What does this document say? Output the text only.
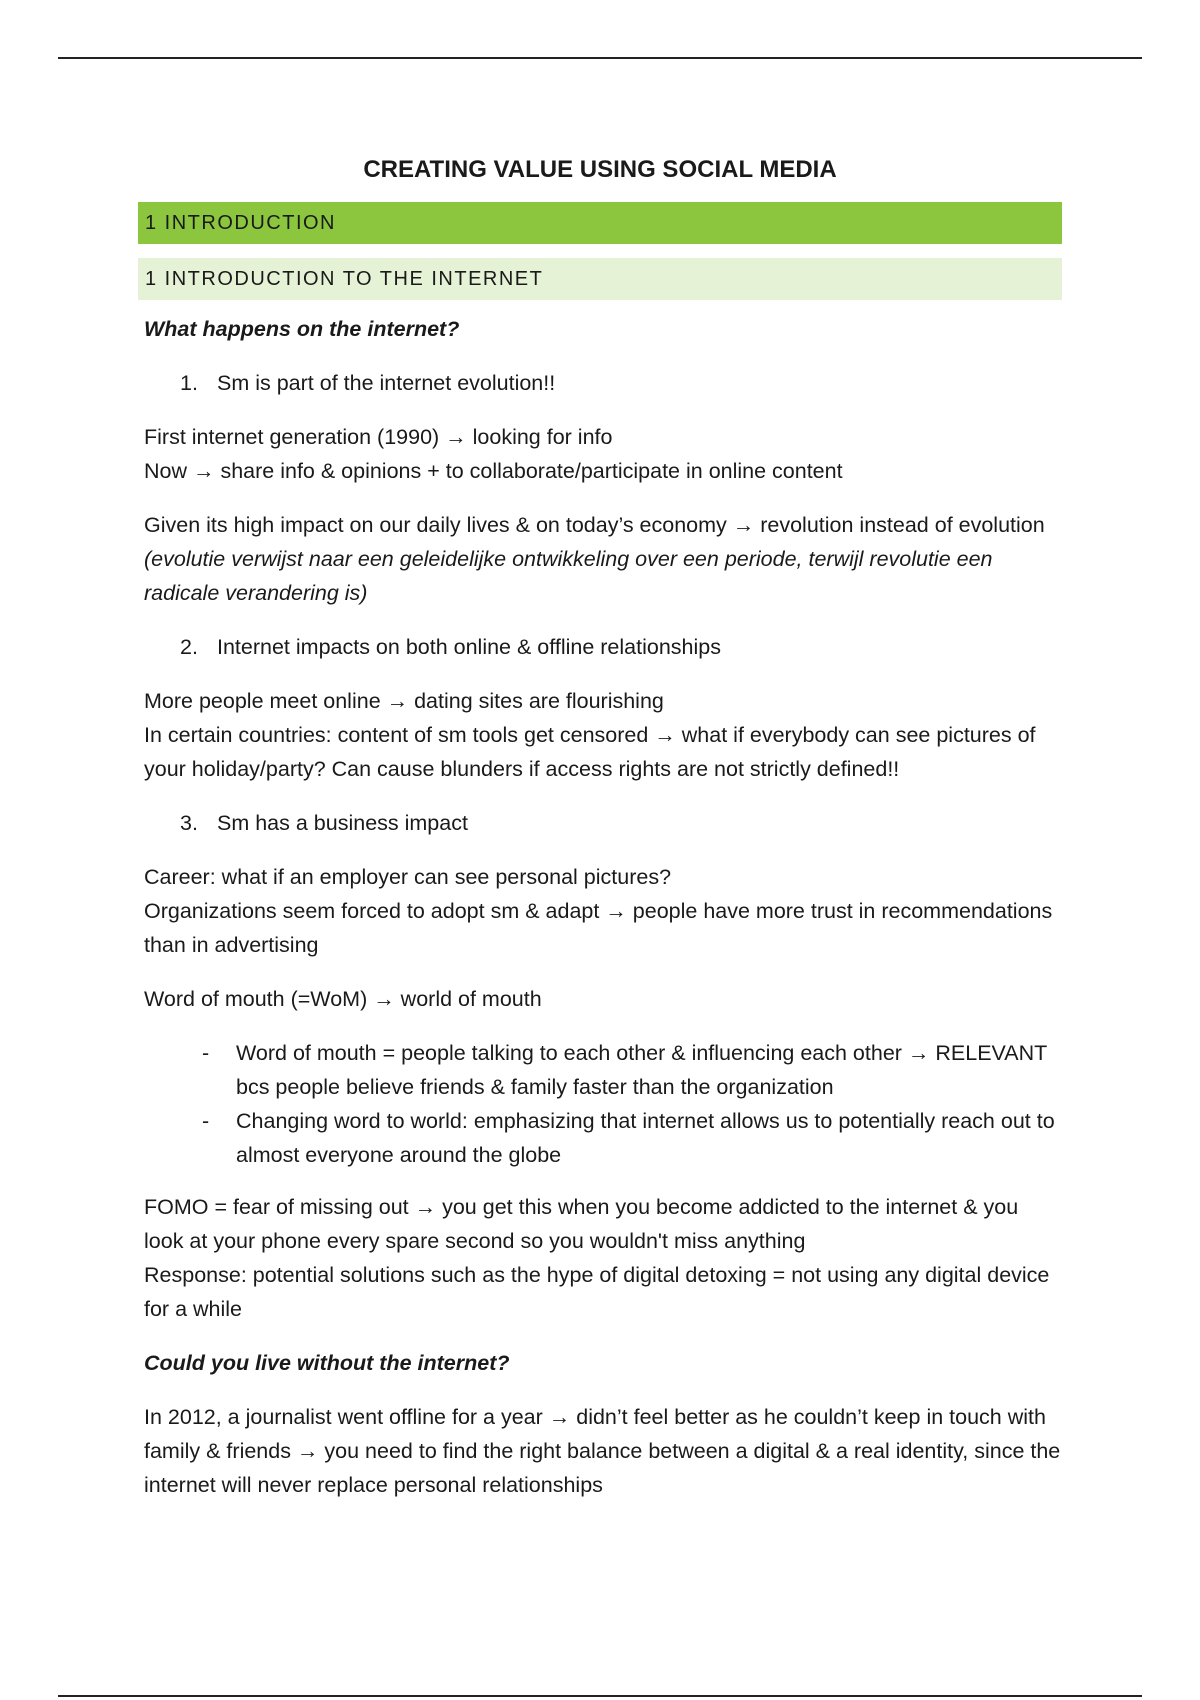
CREATING VALUE USING SOCIAL MEDIA
1 INTRODUCTION
1 INTRODUCTION TO THE INTERNET
What happens on the internet?
1. Sm is part of the internet evolution!!
First internet generation (1990) → looking for info
Now → share info & opinions + to collaborate/participate in online content
Given its high impact on our daily lives & on today’s economy → revolution instead of evolution (evolutie verwijst naar een geleidelijke ontwikkeling over een periode, terwijl revolutie een radicale verandering is)
2. Internet impacts on both online & offline relationships
More people meet online → dating sites are flourishing
In certain countries: content of sm tools get censored → what if everybody can see pictures of your holiday/party? Can cause blunders if access rights are not strictly defined!!
3. Sm has a business impact
Career: what if an employer can see personal pictures?
Organizations seem forced to adopt sm & adapt → people have more trust in recommendations than in advertising
Word of mouth (=WoM) → world of mouth
- Word of mouth = people talking to each other & influencing each other → RELEVANT bcs people believe friends & family faster than the organization
- Changing word to world: emphasizing that internet allows us to potentially reach out to almost everyone around the globe
FOMO = fear of missing out → you get this when you become addicted to the internet & you look at your phone every spare second so you wouldn't miss anything
Response: potential solutions such as the hype of digital detoxing = not using any digital device for a while
Could you live without the internet?
In 2012, a journalist went offline for a year → didn’t feel better as he couldn’t keep in touch with family & friends → you need to find the right balance between a digital & a real identity, since the internet will never replace personal relationships
